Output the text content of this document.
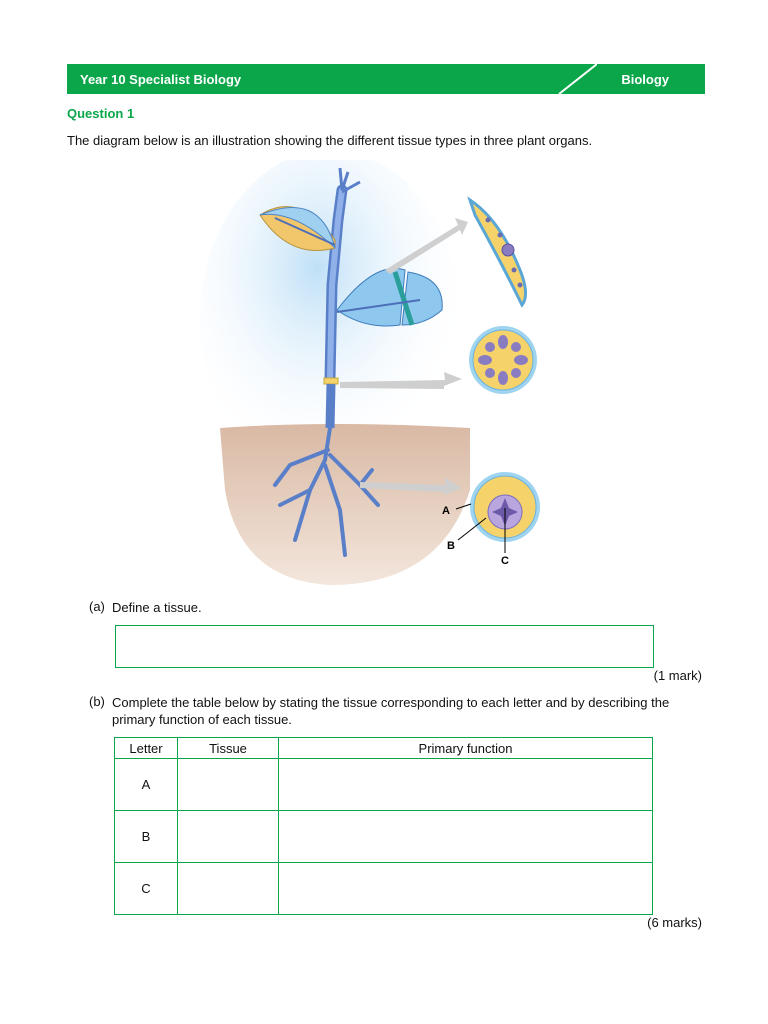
Year 10 Specialist Biology	Biology
Question 1
The diagram below is an illustration showing the different tissue types in three plant organs.
A
B
C
(a) Define a tissue.
(1 mark)
(b) Complete the table below by stating the tissue corresponding to each letter and by describing the primary function of each tissue.
Letter	Tissue	Primary function
A		
B		
C		
(6 marks)
